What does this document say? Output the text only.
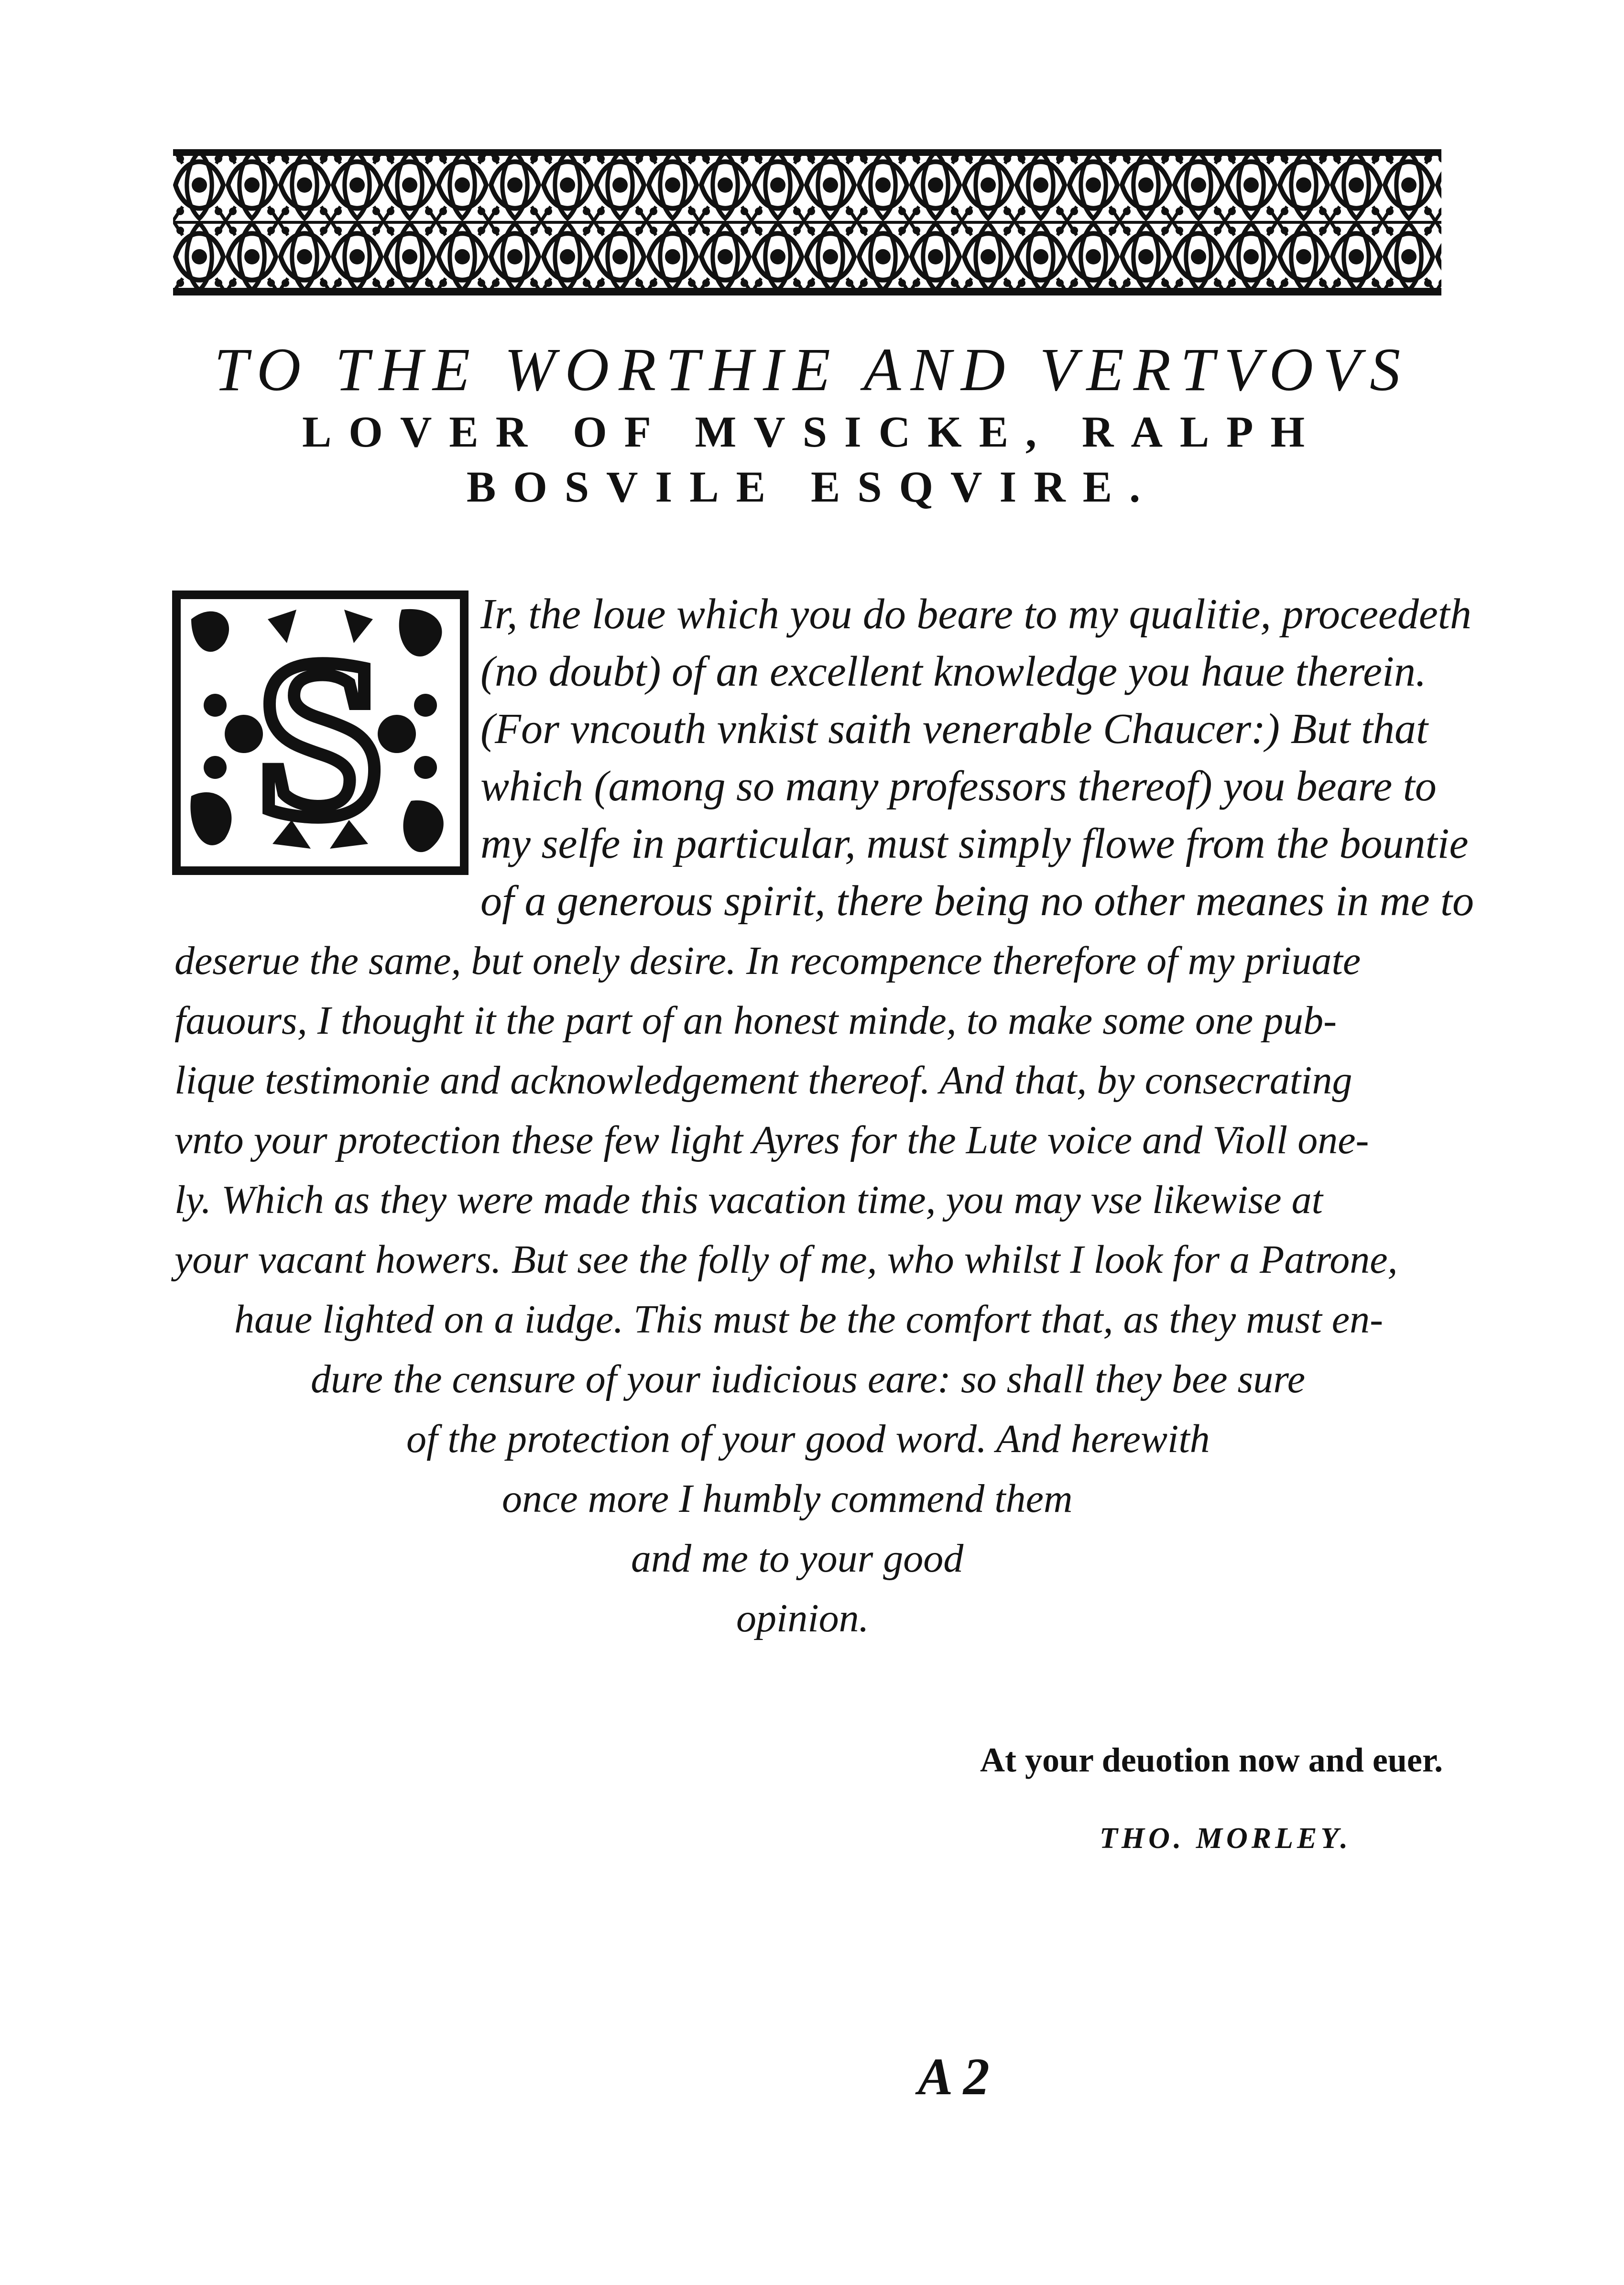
TO THE WORTHIE AND VERTVOVS
LOVER OF MVSICKE, RALPH
BOSVILE ESQVIRE.
S Ir, the loue which you do beare to my qualitie, proceedeth
(no doubt) of an excellent knowledge you haue therein.
(For vncouth vnkist saith venerable Chaucer:) But that
which (among so many professors thereof) you beare to
my selfe in particular, must simply flowe from the bountie
of a generous spirit, there being no other meanes in me to
deserue the same, but onely desire. In recompence therefore of my priuate
fauours, I thought it the part of an honest minde, to make some one pub-
lique testimonie and acknowledgement thereof. And that, by consecrating
vnto your protection these few light Ayres for the Lute voice and Violl one-
ly. Which as they were made this vacation time, you may vse likewise at
your vacant howers. But see the folly of me, who whilst I look for a Patrone,
haue lighted on a iudge. This must be the comfort that, as they must en-
dure the censure of your iudicious eare: so shall they bee sure
of the protection of your good word. And herewith
once more I humbly commend them
and me to your good
opinion.
At your deuotion now and euer.
THO. MORLEY.
A 2
